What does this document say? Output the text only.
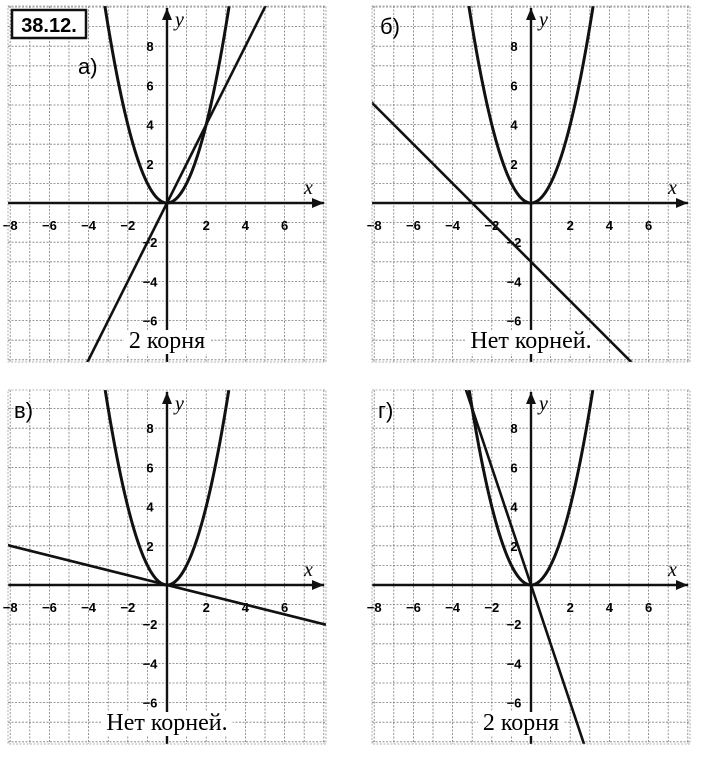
x
y
−8 −6 −4 −2	2 4 6
8
6
4
2
−2
−4
−6
а)
2 корня
x
y
−8 −6 −4 −2	2 4 6
8
6
4
2
−2
−4
−6
б)
Нет корней.
x
y
−8 −6 −4 −2	2 4 6
8
6
4
2
−2
−4
−6
в)
Нет корней.
x
y
−8 −6 −4 −2	2 4 6
8
6
4
2
−2
−4
−6
г)
2 корня
38.12.
